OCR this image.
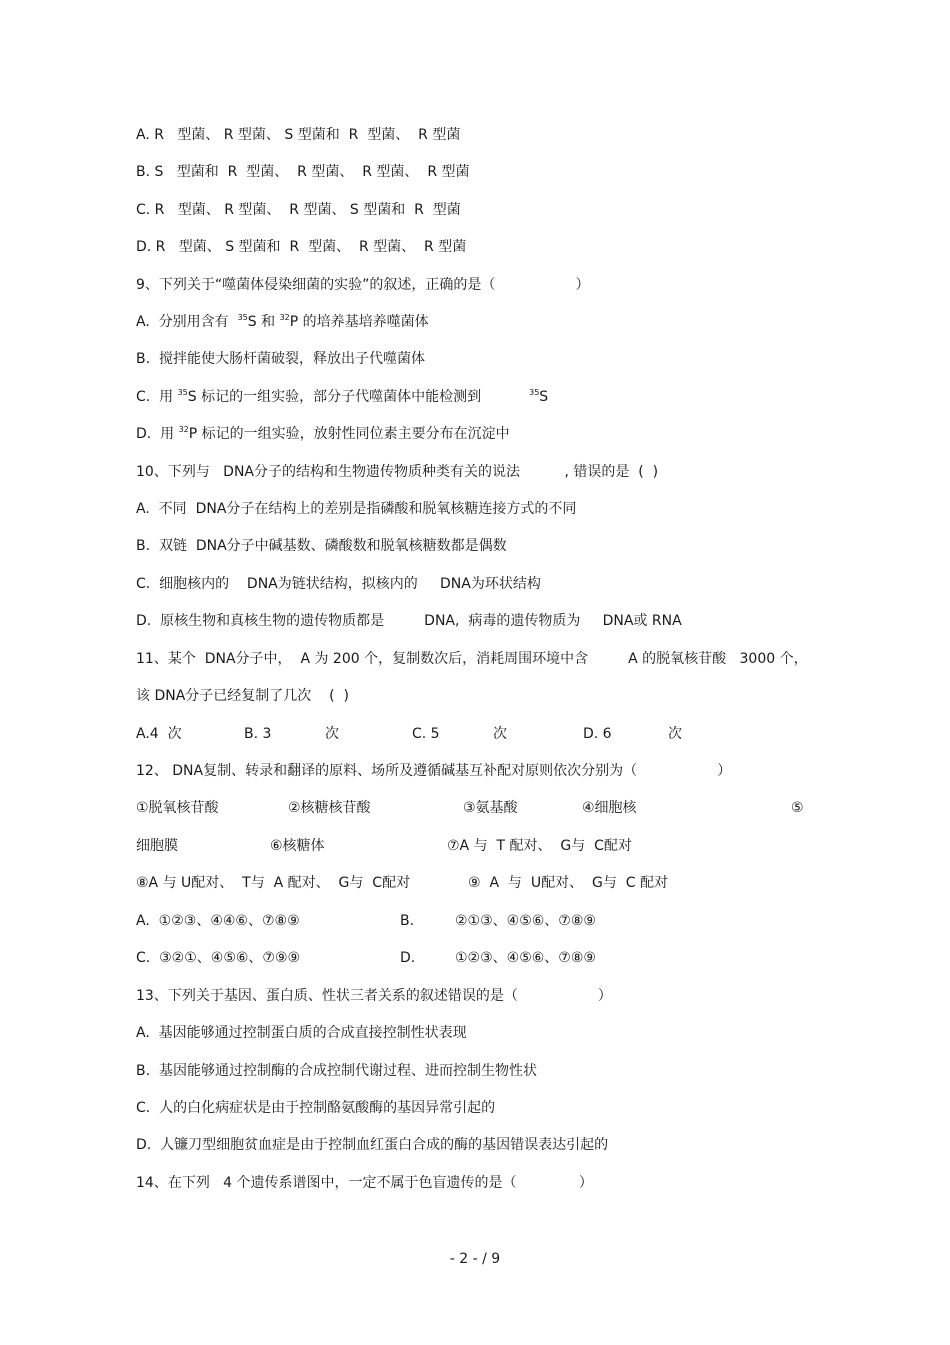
A. R   型菌、 R 型菌、 S 型菌和  R  型菌、  R 型菌
B. S   型菌和  R  型菌、  R 型菌、  R 型菌、  R 型菌
C. R   型菌、 R 型菌、  R 型菌、 S 型菌和  R  型菌
D. R   型菌、 S 型菌和  R  型菌、  R 型菌、  R 型菌
9、下列关于“噬菌体侵染细菌的实验”的叙述，正确的是（                  ）
A.  分别用含有  $^{35}$S 和 $^{32}$P 的培养基培养噬菌体
B.  搅拌能使大肠杆菌破裂，释放出子代噬菌体
C.  用 $^{35}$S 标记的一组实验，部分子代噬菌体中能检测到	$^{35}$S
D.  用 $^{32}$P 标记的一组实验，放射性同位素主要分布在沉淀中
10、下列与   DNA分子的结构和生物遗传物质种类有关的说法          , 错误的是  (  )
A.  不同  DNA分子在结构上的差别是指磷酸和脱氧核糖连接方式的不同
B.  双链  DNA分子中碱基数、磷酸数和脱氧核糖数都是偶数
C.  细胞核内的    DNA为链状结构，拟核内的     DNA为环状结构
D.  原核生物和真核生物的遗传物质都是         DNA,  病毒的遗传物质为     DNA或 RNA
11、某个  DNA分子中，  A 为 200 个，复制数次后，消耗周围环境中含         A 的脱氧核苷酸   3000 个，
该 DNA分子已经复制了几次    (  )
A.4  次	B. 3	次	C. 5	次	D. 6	次
12、 DNA复制、转录和翻译的原料、场所及遵循碱基互补配对原则依次分别为（                  ）
①脱氧核苷酸	②核糖核苷酸	③氨基酸	④细胞核	⑤
细胞膜	⑥核糖体	⑦A 与  T 配对、  G与  C配对
⑧A 与 U配对、  T与  A 配对、  G与  C配对	⑨  A  与  U配对、  G与  C 配对
A.  ①②③、④④⑥、⑦⑧⑨	B.	②①③、④⑤⑥、⑦⑧⑨
C.  ③②①、④⑤⑥、⑦⑨⑨	D.	①②③、④⑤⑥、⑦⑧⑨
13、下列关于基因、蛋白质、性状三者关系的叙述错误的是（                  ）
A.  基因能够通过控制蛋白质的合成直接控制性状表现
B.  基因能够通过控制酶的合成控制代谢过程、进而控制生物性状
C.  人的白化病症状是由于控制酪氨酸酶的基因异常引起的
D.  人镰刀型细胞贫血症是由于控制血红蛋白合成的酶的基因错误表达引起的
14、在下列   4 个遗传系谱图中，一定不属于色盲遗传的是（              ）
- 2 - / 9
